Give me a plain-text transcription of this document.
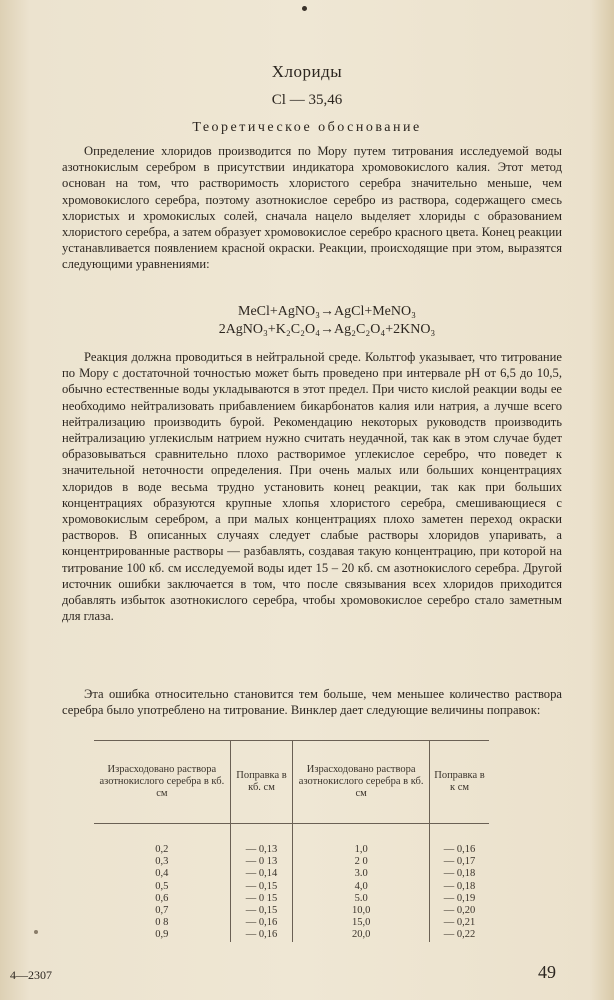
Хлориды
Cl — 35,46
Теоретическое обоснование

Определение хлоридов производится по Мору путем титрования исследуемой воды азотнокислым серебром в присутствии индикатора хромовокислого калия. Этот метод основан на том, что растворимость хлористого серебра значительно меньше, чем хромовокислого серебра, поэтому азотнокислое серебро из раствора, содержащего смесь хлористых и хромокислых солей, сначала нацело выделяет хлориды с образованием хлористого серебра, а затем образует хромовокислое серебро красного цвета. Конец реакции устанавливается появлением красной окраски. Реакции, происходящие при этом, выразятся следующими уравнениями:

MeCl+AgNO₃→AgCl+MeNO₃
2AgNO₃+K₂C₂O₄→Ag₂C₂O₄+2KNO₃

Реакция должна проводиться в нейтральной среде. Кольтгоф указывает, что титрование по Мору с достаточной точностью может быть проведено при интервале pH от 6,5 до 10,5, обычно естественные воды укладываются в этот предел. При чисто кислой реакции воды ее необходимо нейтрализовать прибавлением бикарбонатов калия или натрия, а лучше всего нейтрализацию производить бурой. Рекомендацию некоторых руководств производить нейтрализацию углекислым натрием нужно считать неудачной, так как в этом случае будет образовываться сравнительно плохо растворимое углекислое серебро, что поведет к значительной неточности определения. При очень малых или больших концентрациях хлоридов в воде весьма трудно установить конец реакции, так как при больших концентрациях образуются крупные хлопья хлористого серебра, смешивающиеся с хромовокислым серебром, а при малых концентрациях плохо заметен переход окраски растворов. В описанных случаях следует слабые растворы хлоридов упаривать, а концентрированные растворы — разбавлять, создавая такую концентрацию, при которой на титрование 100 кб. см исследуемой воды идет 15 – 20 кб. см азотнокислого серебра. Другой источник ошибки заключается в том, что после связывания всех хлоридов приходится добавлять избыток азотнокислого серебра, чтобы хромовокислое серебро стало заметным для глаза.

Эта ошибка относительно становится тем больше, чем меньшее количество раствора серебра было употреблено на титрование. Винклер дает следующие величины поправок:

Израсходовано раствора азотнокислого серебра в кб. см	Поправка в кб. см	Израсходовано раствора азотнокислого серебра в кб. см	Поправка в к см

0,2	— 0,13	1,0	— 0,16
0,3	— 0 13	2 0	— 0,17
0,4	— 0,14	3.0	— 0,18
0,5	— 0,15	4,0	— 0,18
0,6	— 0 15	5.0	— 0,19
0,7	— 0,15	10,0	— 0,20
0 8	— 0,16	15,0	— 0,21
0,9	— 0,16	20,0	— 0,22
4—2307	49
